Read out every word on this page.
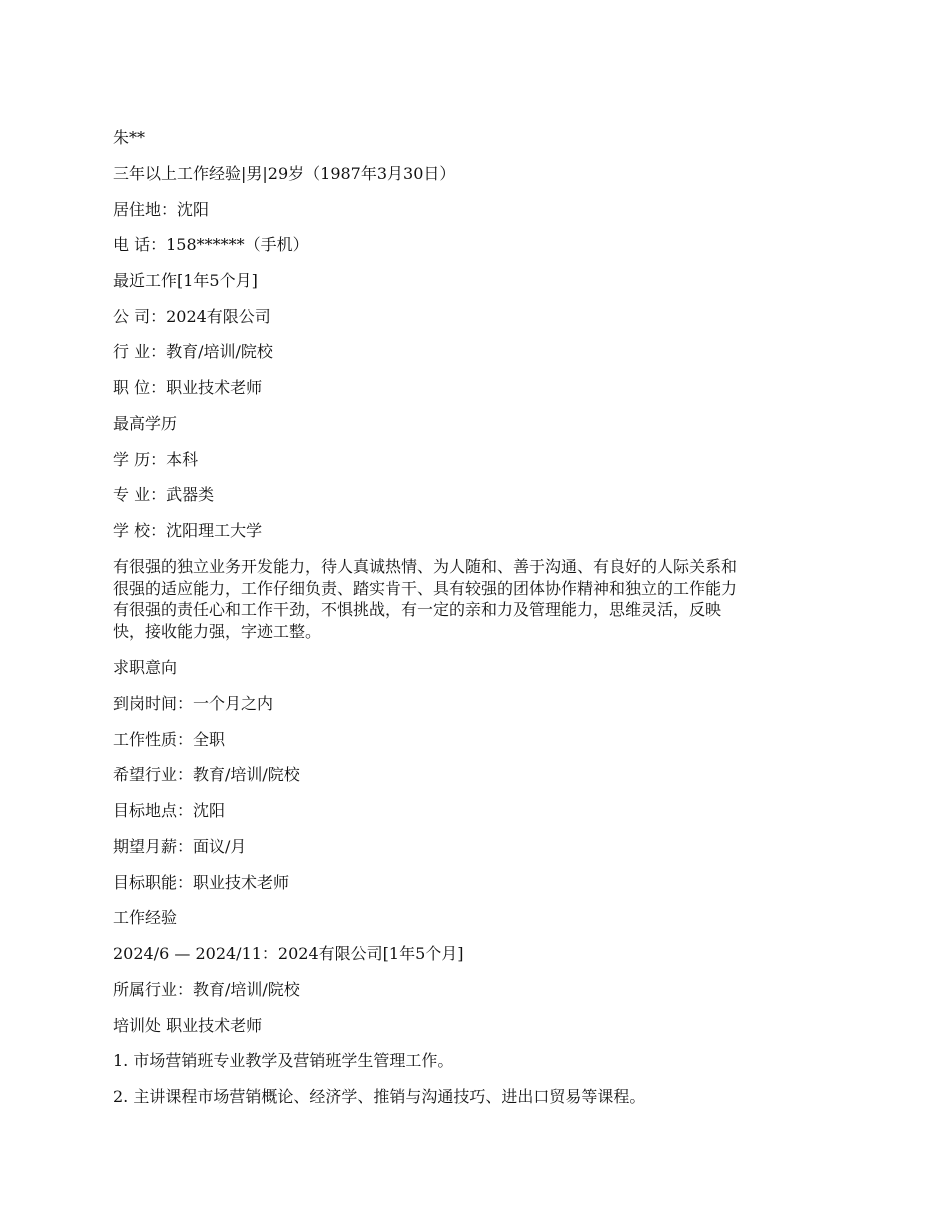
朱**

三年以上工作经验|男|29岁（1987年3月30日）

居住地：沈阳

电 话：158******（手机）

最近工作[1年5个月]

公 司：2024有限公司

行 业：教育/培训/院校

职 位：职业技术老师

最高学历

学 历：本科

专 业：武器类

学 校：沈阳理工大学

有很强的独立业务开发能力，待人真诚热情、为人随和、善于沟通、有良好的人际关系和
很强的适应能力，工作仔细负责、踏实肯干、具有较强的团体协作精神和独立的工作能力
有很强的责任心和工作干劲，不惧挑战，有一定的亲和力及管理能力，思维灵活，反映
快，接收能力强，字迹工整。

求职意向

到岗时间：一个月之内

工作性质：全职

希望行业：教育/培训/院校

目标地点：沈阳

期望月薪：面议/月

目标职能：职业技术老师

工作经验

2024/6 — 2024/11：2024有限公司[1年5个月]

所属行业：教育/培训/院校

培训处 职业技术老师

1. 市场营销班专业教学及营销班学生管理工作。

2. 主讲课程市场营销概论、经济学、推销与沟通技巧、进出口贸易等课程。
